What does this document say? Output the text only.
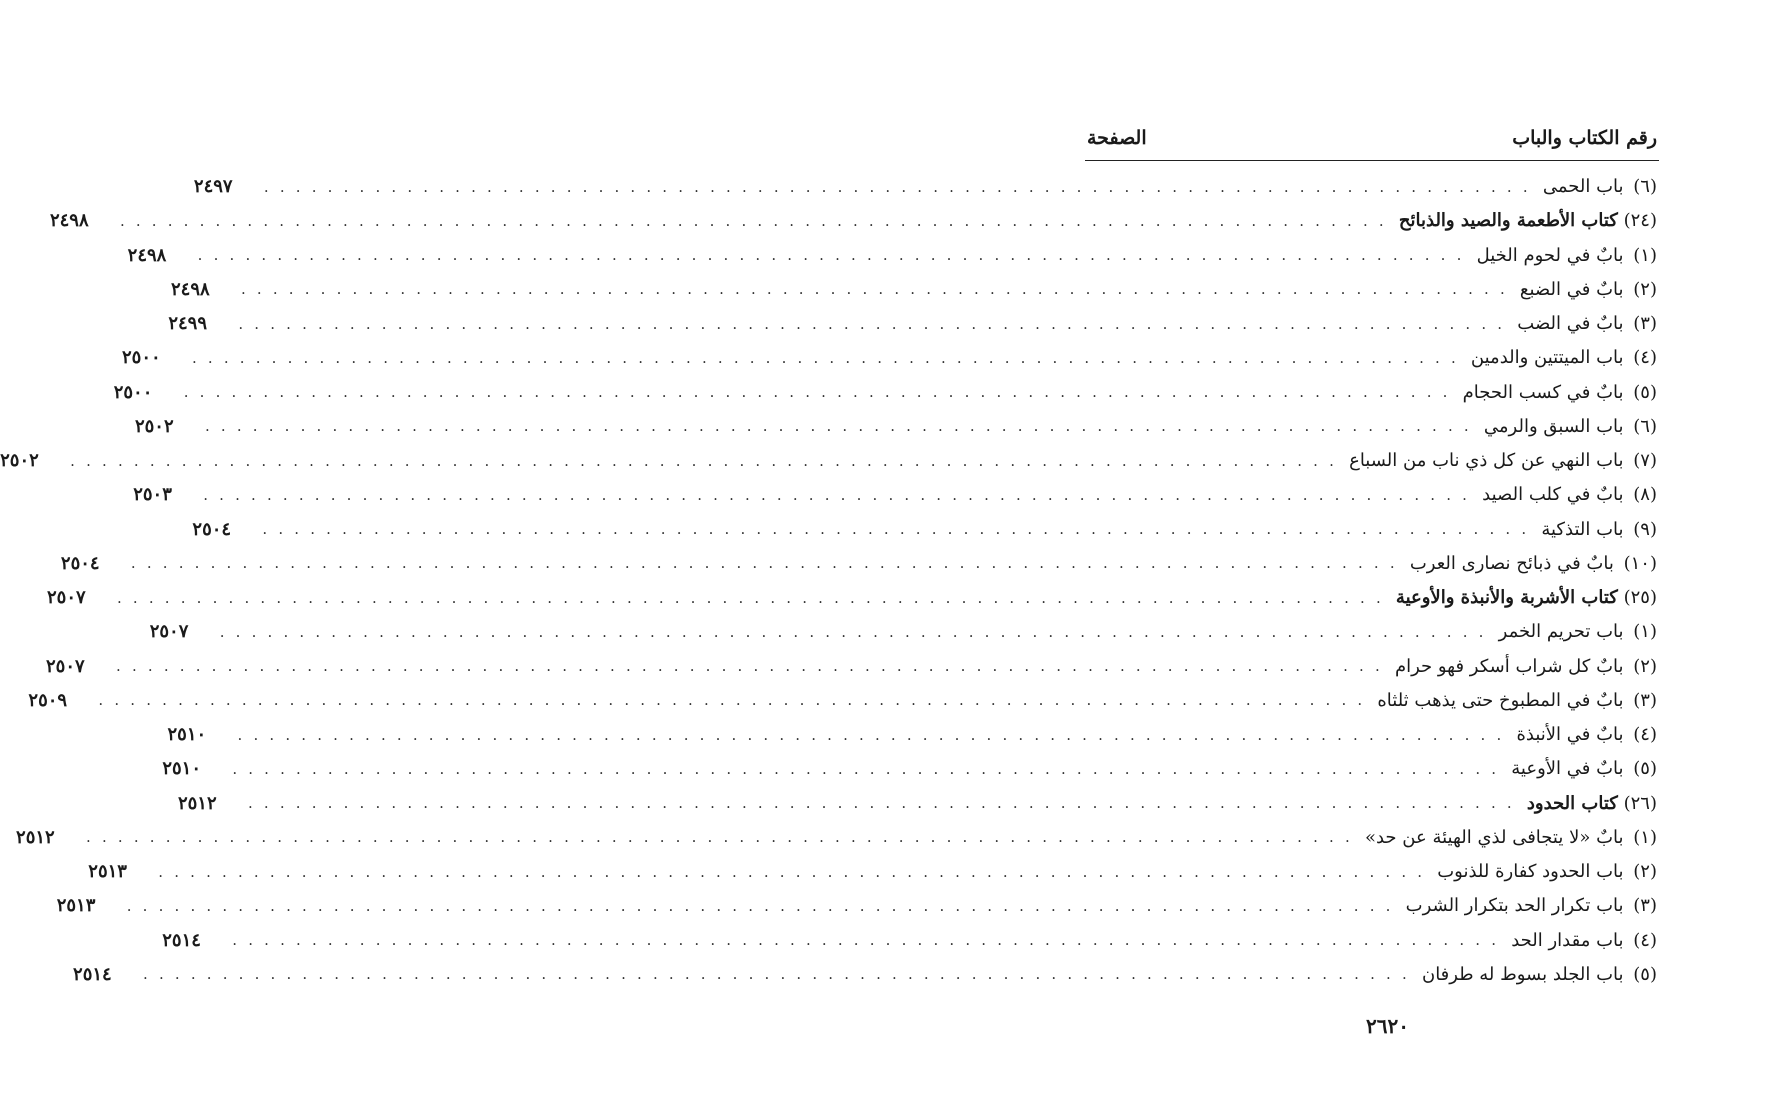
رقم الكتاب والباب
الصفحة
(٦)

باب الحمى
. . . . . . . . . . . . . . . . . . . . . . . . . . . . . . . . . . . . . . . . . . . . . . . . . . . . . . . . . . . . . . . . . . . . . . . . . . . . . . . .
٢٤٩٧
(٢٤)

كتاب الأطعمة والصيد والذبائح
. . . . . . . . . . . . . . . . . . . . . . . . . . . . . . . . . . . . . . . . . . . . . . . . . . . . . . . . . . . . . . . . . . . . . . . . . . . . . . . .
٢٤٩٨
(١)

بابٌ في لحوم الخيل
. . . . . . . . . . . . . . . . . . . . . . . . . . . . . . . . . . . . . . . . . . . . . . . . . . . . . . . . . . . . . . . . . . . . . . . . . . . . . . . .
٢٤٩٨
(٢)

بابٌ في الضبع
. . . . . . . . . . . . . . . . . . . . . . . . . . . . . . . . . . . . . . . . . . . . . . . . . . . . . . . . . . . . . . . . . . . . . . . . . . . . . . . .
٢٤٩٨
(٣)

بابٌ في الضب
. . . . . . . . . . . . . . . . . . . . . . . . . . . . . . . . . . . . . . . . . . . . . . . . . . . . . . . . . . . . . . . . . . . . . . . . . . . . . . . .
٢٤٩٩
(٤)

باب الميتتين والدمين
. . . . . . . . . . . . . . . . . . . . . . . . . . . . . . . . . . . . . . . . . . . . . . . . . . . . . . . . . . . . . . . . . . . . . . . . . . . . . . . .
٢٥٠٠
(٥)

بابٌ في كسب الحجام
. . . . . . . . . . . . . . . . . . . . . . . . . . . . . . . . . . . . . . . . . . . . . . . . . . . . . . . . . . . . . . . . . . . . . . . . . . . . . . . .
٢٥٠٠
(٦)

باب السبق والرمي
. . . . . . . . . . . . . . . . . . . . . . . . . . . . . . . . . . . . . . . . . . . . . . . . . . . . . . . . . . . . . . . . . . . . . . . . . . . . . . . .
٢٥٠٢
(٧)

باب النهي عن كل ذي ناب من السباع
. . . . . . . . . . . . . . . . . . . . . . . . . . . . . . . . . . . . . . . . . . . . . . . . . . . . . . . . . . . . . . . . . . . . . . . . . . . . . . . .
٢٥٠٢
(٨)

بابٌ في كلب الصيد
. . . . . . . . . . . . . . . . . . . . . . . . . . . . . . . . . . . . . . . . . . . . . . . . . . . . . . . . . . . . . . . . . . . . . . . . . . . . . . . .
٢٥٠٣
(٩)

باب التذكية
. . . . . . . . . . . . . . . . . . . . . . . . . . . . . . . . . . . . . . . . . . . . . . . . . . . . . . . . . . . . . . . . . . . . . . . . . . . . . . . .
٢٥٠٤
(١٠)

بابٌ في ذبائح نصارى العرب
. . . . . . . . . . . . . . . . . . . . . . . . . . . . . . . . . . . . . . . . . . . . . . . . . . . . . . . . . . . . . . . . . . . . . . . . . . . . . . . .
٢٥٠٤
(٢٥)

كتاب الأشربة والأنبذة والأوعية
. . . . . . . . . . . . . . . . . . . . . . . . . . . . . . . . . . . . . . . . . . . . . . . . . . . . . . . . . . . . . . . . . . . . . . . . . . . . . . . .
٢٥٠٧
(١)

باب تحريم الخمر
. . . . . . . . . . . . . . . . . . . . . . . . . . . . . . . . . . . . . . . . . . . . . . . . . . . . . . . . . . . . . . . . . . . . . . . . . . . . . . . .
٢٥٠٧
(٢)

بابٌ كل شراب أسكر فهو حرام
. . . . . . . . . . . . . . . . . . . . . . . . . . . . . . . . . . . . . . . . . . . . . . . . . . . . . . . . . . . . . . . . . . . . . . . . . . . . . . . .
٢٥٠٧
(٣)

بابٌ في المطبوخ حتى يذهب ثلثاه
. . . . . . . . . . . . . . . . . . . . . . . . . . . . . . . . . . . . . . . . . . . . . . . . . . . . . . . . . . . . . . . . . . . . . . . . . . . . . . . .
٢٥٠٩
(٤)

بابٌ في الأنبذة
. . . . . . . . . . . . . . . . . . . . . . . . . . . . . . . . . . . . . . . . . . . . . . . . . . . . . . . . . . . . . . . . . . . . . . . . . . . . . . . .
٢٥١٠
(٥)

بابٌ في الأوعية
. . . . . . . . . . . . . . . . . . . . . . . . . . . . . . . . . . . . . . . . . . . . . . . . . . . . . . . . . . . . . . . . . . . . . . . . . . . . . . . .
٢٥١٠
(٢٦)

كتاب الحدود
. . . . . . . . . . . . . . . . . . . . . . . . . . . . . . . . . . . . . . . . . . . . . . . . . . . . . . . . . . . . . . . . . . . . . . . . . . . . . . . .
٢٥١٢
(١)

بابٌ «لا يتجافى لذي الهيئة عن حد»
. . . . . . . . . . . . . . . . . . . . . . . . . . . . . . . . . . . . . . . . . . . . . . . . . . . . . . . . . . . . . . . . . . . . . . . . . . . . . . . .
٢٥١٢
(٢)

باب الحدود كفارة للذنوب
. . . . . . . . . . . . . . . . . . . . . . . . . . . . . . . . . . . . . . . . . . . . . . . . . . . . . . . . . . . . . . . . . . . . . . . . . . . . . . . .
٢٥١٣
(٣)

باب تكرار الحد بتكرار الشرب
. . . . . . . . . . . . . . . . . . . . . . . . . . . . . . . . . . . . . . . . . . . . . . . . . . . . . . . . . . . . . . . . . . . . . . . . . . . . . . . .
٢٥١٣
(٤)

باب مقدار الحد
. . . . . . . . . . . . . . . . . . . . . . . . . . . . . . . . . . . . . . . . . . . . . . . . . . . . . . . . . . . . . . . . . . . . . . . . . . . . . . . .
٢٥١٤
(٥)

باب الجلد بسوط له طرفان
. . . . . . . . . . . . . . . . . . . . . . . . . . . . . . . . . . . . . . . . . . . . . . . . . . . . . . . . . . . . . . . . . . . . . . . . . . . . . . . .
٢٥١٤
٢٦٢٠
